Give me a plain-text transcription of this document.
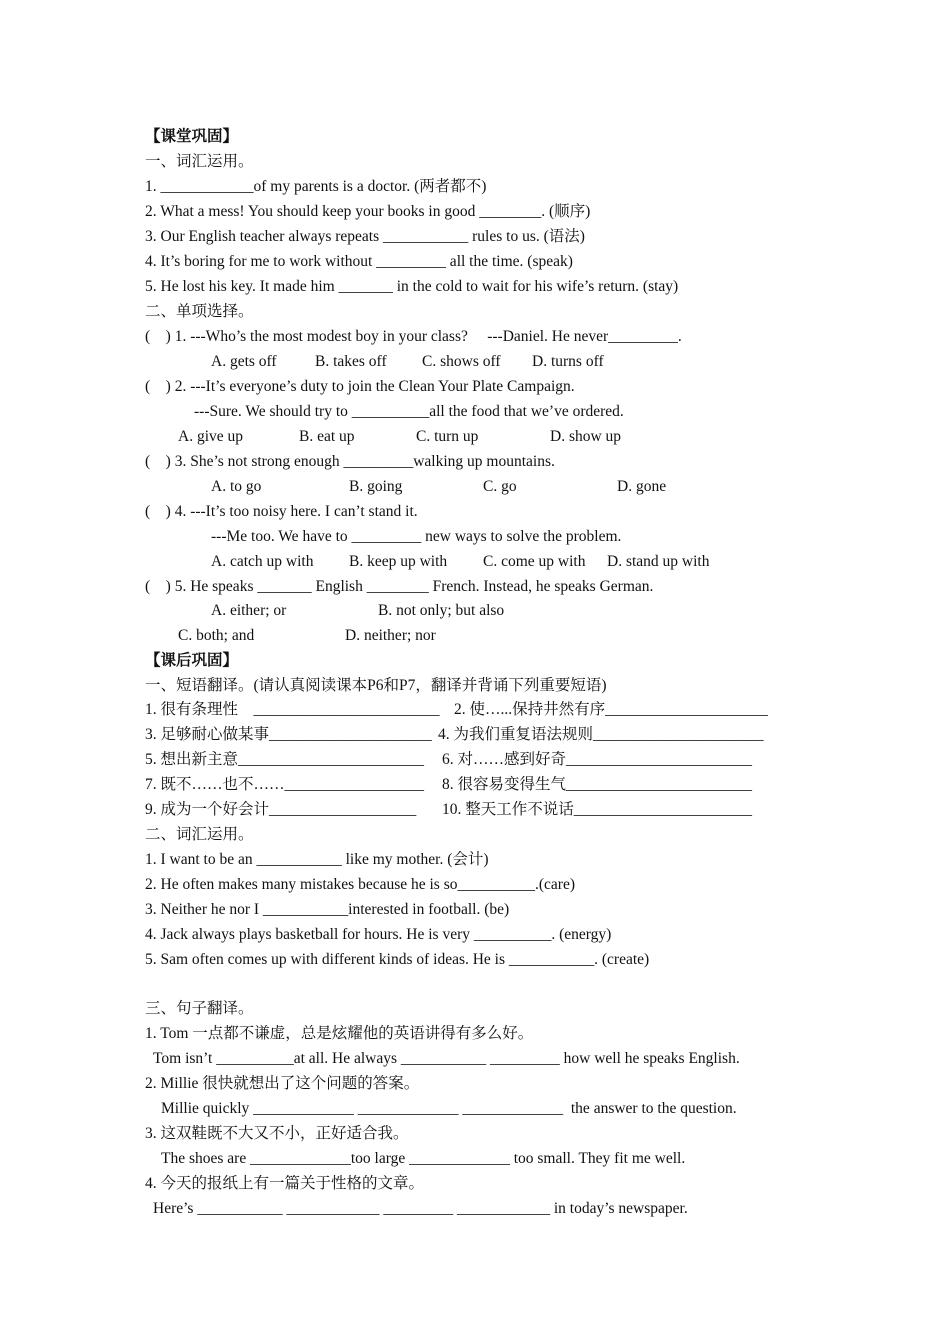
【课堂巩固】
一、词汇运用。
1. ____________of my parents is a doctor. (两者都不)
2. What a mess! You should keep your books in good ________. (顺序)
3. Our English teacher always repeats ___________ rules to us. (语法)
4. It’s boring for me to work without _________ all the time. (speak)
5. He lost his key. It made him _______ in the cold to wait for his wife’s return. (stay)
二、单项选择。
(    ) 1. ---Who’s the most modest boy in your class?     ---Daniel. He never_________.
A. gets off B. takes off C. shows off D. turns off
(    ) 2. ---It’s everyone’s duty to join the Clean Your Plate Campaign.
---Sure. We should try to __________all the food that we’ve ordered.
A. give up	B. eat up	C. turn up	D. show up
(    ) 3. She’s not strong enough _________walking up mountains.
A. to go	B. going	C. go	D. gone
(    ) 4. ---It’s too noisy here. I can’t stand it.
---Me too. We have to _________ new ways to solve the problem.
A. catch up with B. keep up with C. come up with D. stand up with
(    ) 5. He speaks _______ English ________ French. Instead, he speaks German.
A. either; or	B. not only; but also
C. both; and	D. neither; nor
【课后巩固】
一、短语翻译。(请认真阅读课本P6和P7，翻译并背诵下列重要短语)
1. 很有条理性    ________________________ 2. 使…...保持井然有序_____________________
3. 足够耐心做某事_____________________ 4. 为我们重复语法规则______________________
5. 想出新主意________________________ 6. 对……感到好奇________________________
7. 既不……也不……__________________ 8. 很容易变得生气________________________
9. 成为一个好会计___________________ 10. 整天工作不说话_______________________
二、词汇运用。
1. I want to be an ___________ like my mother. (会计)
2. He often makes many mistakes because he is so__________.(care)
3. Neither he nor I ___________interested in football. (be)
4. Jack always plays basketball for hours. He is very __________. (energy)
5. Sam often comes up with different kinds of ideas. He is ___________. (create)
三、句子翻译。
1. Tom 一点都不谦虚，总是炫耀他的英语讲得有多么好。
Tom isn’t __________at all. He always ___________ _________ how well he speaks English.
2. Millie 很快就想出了这个问题的答案。
Millie quickly _____________ _____________ _____________  the answer to the question.
3. 这双鞋既不大又不小，正好适合我。
The shoes are _____________too large _____________ too small. They fit me well.
4. 今天的报纸上有一篇关于性格的文章。
Here’s ___________ ____________ _________ ____________ in today’s newspaper.
